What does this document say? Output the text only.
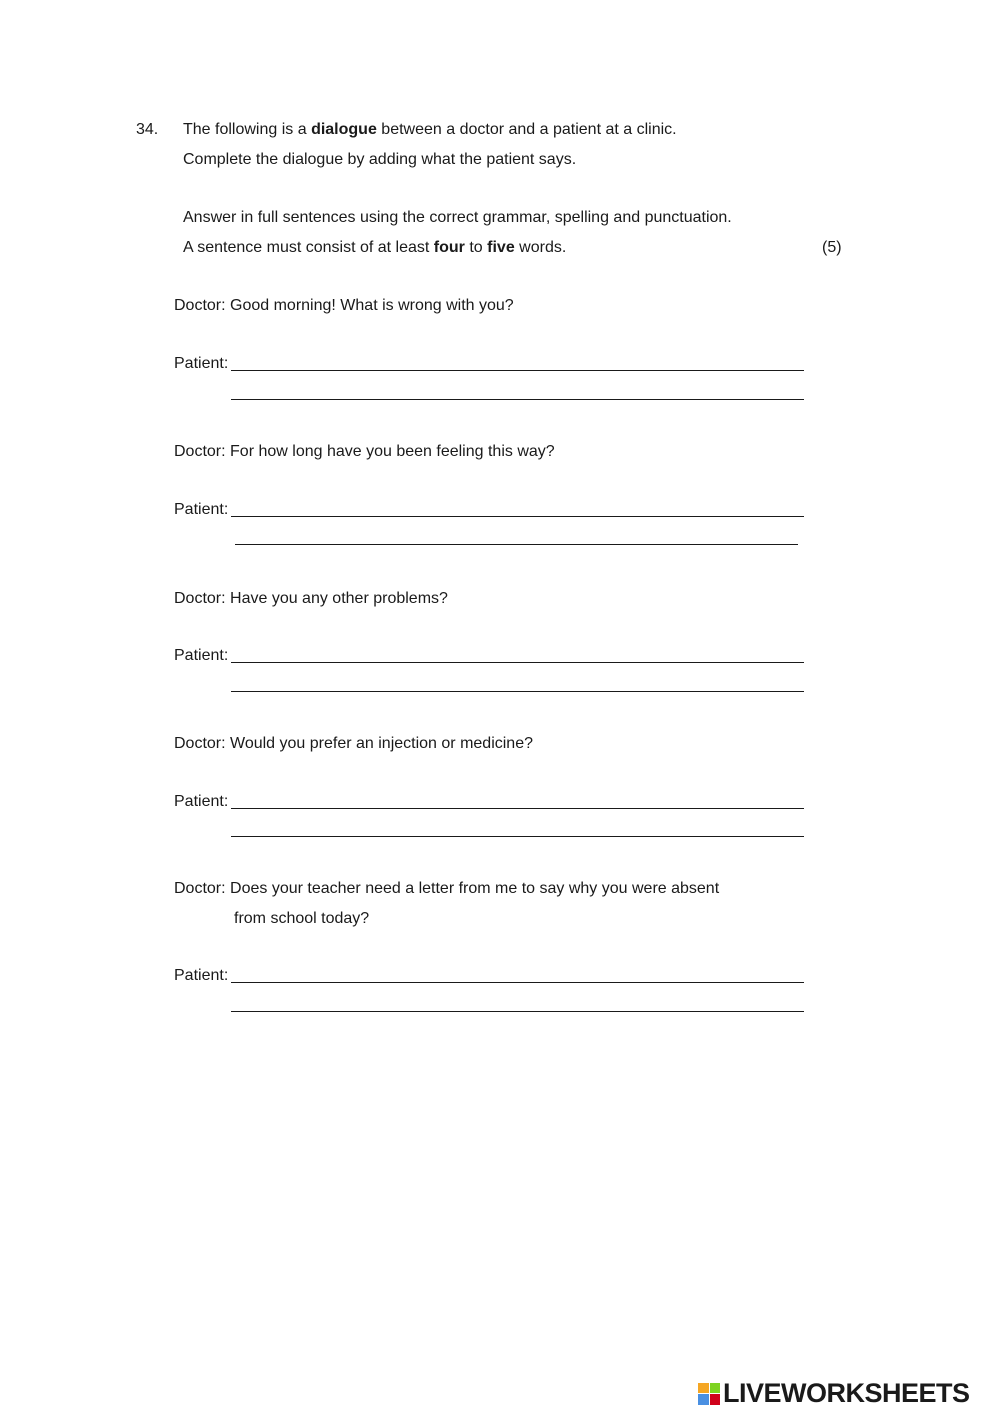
34. The following is a dialogue between a doctor and a patient at a clinic.
Complete the dialogue by adding what the patient says.
Answer in full sentences using the correct grammar, spelling and punctuation.
A sentence must consist of at least four to five words.	(5)
Doctor: Good morning! What is wrong with you?
Patient:
Doctor: For how long have you been feeling this way?
Patient:
Doctor: Have you any other problems?
Patient:
Doctor: Would you prefer an injection or medicine?
Patient:
Doctor: Does your teacher need a letter from me to say why you were absent
from school today?
Patient:
LIVEWORKSHEETS
